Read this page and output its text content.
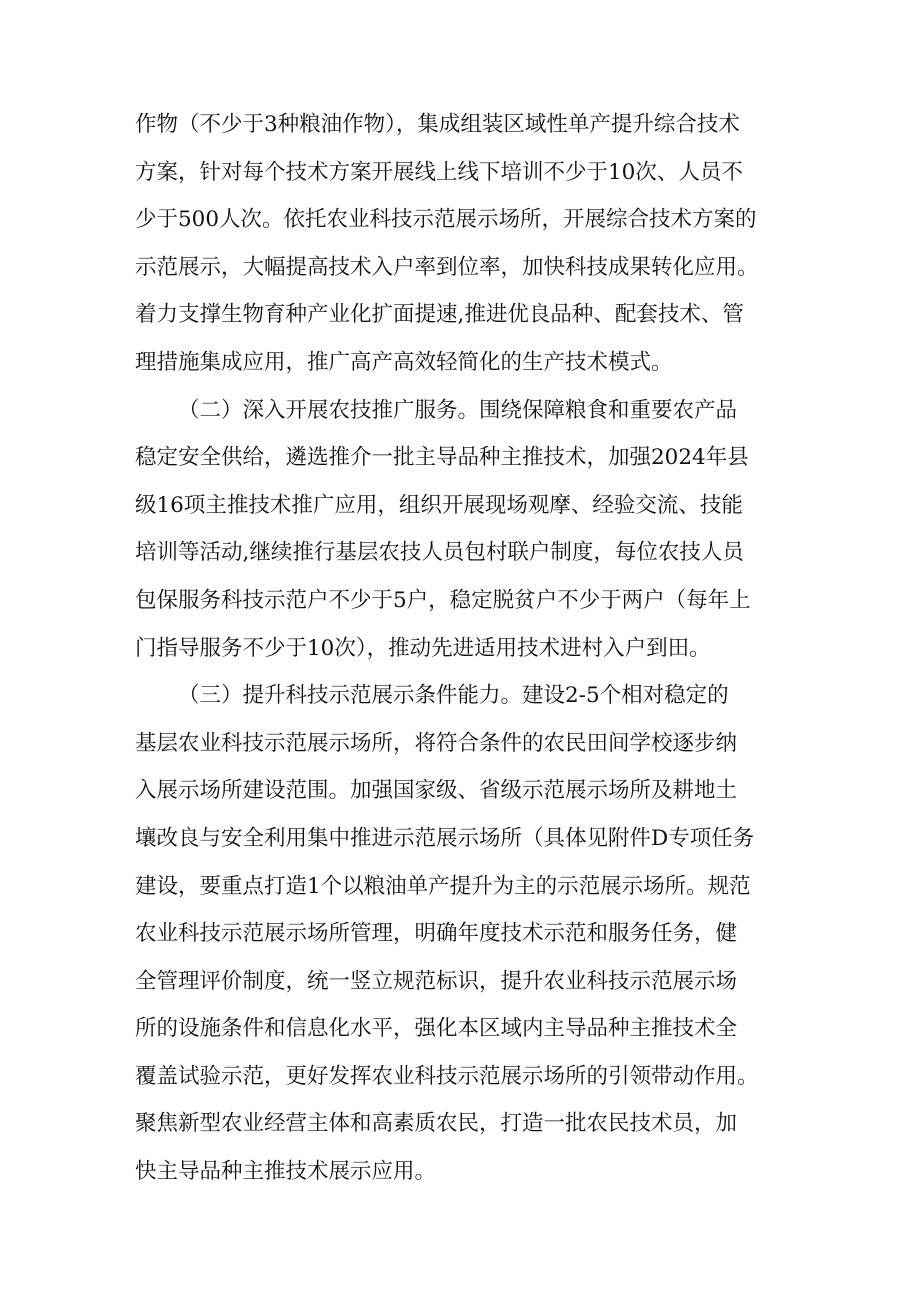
作物（不少于3种粮油作物），集成组装区域性单产提升综合技术
方案，针对每个技术方案开展线上线下培训不少于10次、人员不
少于500人次。依托农业科技示范展示场所，开展综合技术方案的
示范展示，大幅提高技术入户率到位率，加快科技成果转化应用。
着力支撑生物育种产业化扩面提速,推进优良品种、配套技术、管
理措施集成应用，推广高产高效轻简化的生产技术模式。
（二）深入开展农技推广服务。围绕保障粮食和重要农产品
稳定安全供给，遴选推介一批主导品种主推技术，加强2024年县
级16项主推技术推广应用，组织开展现场观摩、经验交流、技能
培训等活动,继续推行基层农技人员包村联户制度，每位农技人员
包保服务科技示范户不少于5户，稳定脱贫户不少于两户（每年上
门指导服务不少于10次），推动先进适用技术进村入户到田。
（三）提升科技示范展示条件能力。建设2-5个相对稳定的
基层农业科技示范展示场所，将符合条件的农民田间学校逐步纳
入展示场所建设范围。加强国家级、省级示范展示场所及耕地土
壤改良与安全利用集中推进示范展示场所（具体见附件D专项任务
建设，要重点打造1个以粮油单产提升为主的示范展示场所。规范
农业科技示范展示场所管理，明确年度技术示范和服务任务，健
全管理评价制度，统一竖立规范标识，提升农业科技示范展示场
所的设施条件和信息化水平，强化本区域内主导品种主推技术全
覆盖试验示范，更好发挥农业科技示范展示场所的引领带动作用。
聚焦新型农业经营主体和高素质农民，打造一批农民技术员，加
快主导品种主推技术展示应用。
